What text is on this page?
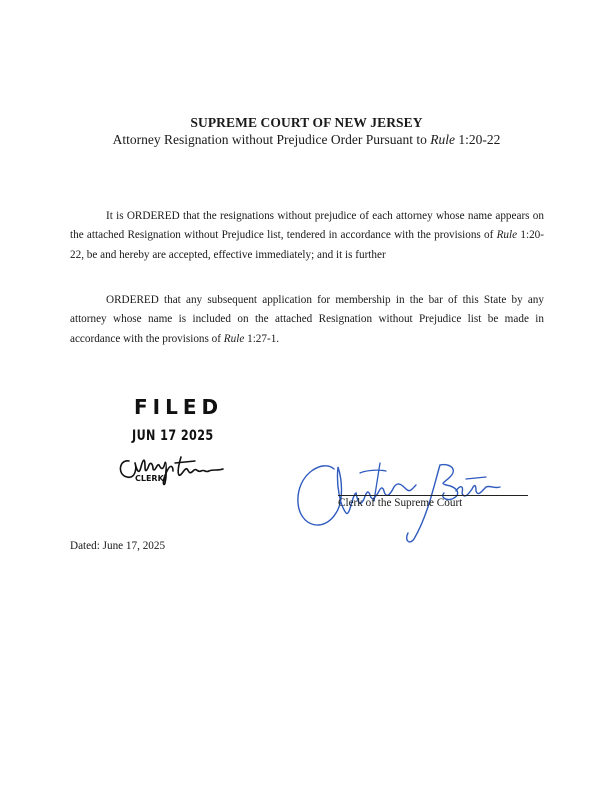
SUPREME COURT OF NEW JERSEY
Attorney Resignation without Prejudice Order Pursuant to Rule 1:20-22
It is ORDERED that the resignations without prejudice of each attorney whose name appears on the attached Resignation without Prejudice list, tendered in accordance with the provisions of Rule 1:20-22, be and hereby are accepted, effective immediately; and it is further
ORDERED that any subsequent application for membership in the bar of this State by any attorney whose name is included on the attached Resignation without Prejudice list be made in accordance with the provisions of Rule 1:27-1.
FILED
JUN 17 2025
CLERK
Clerk of the Supreme Court
Dated: June 17, 2025
